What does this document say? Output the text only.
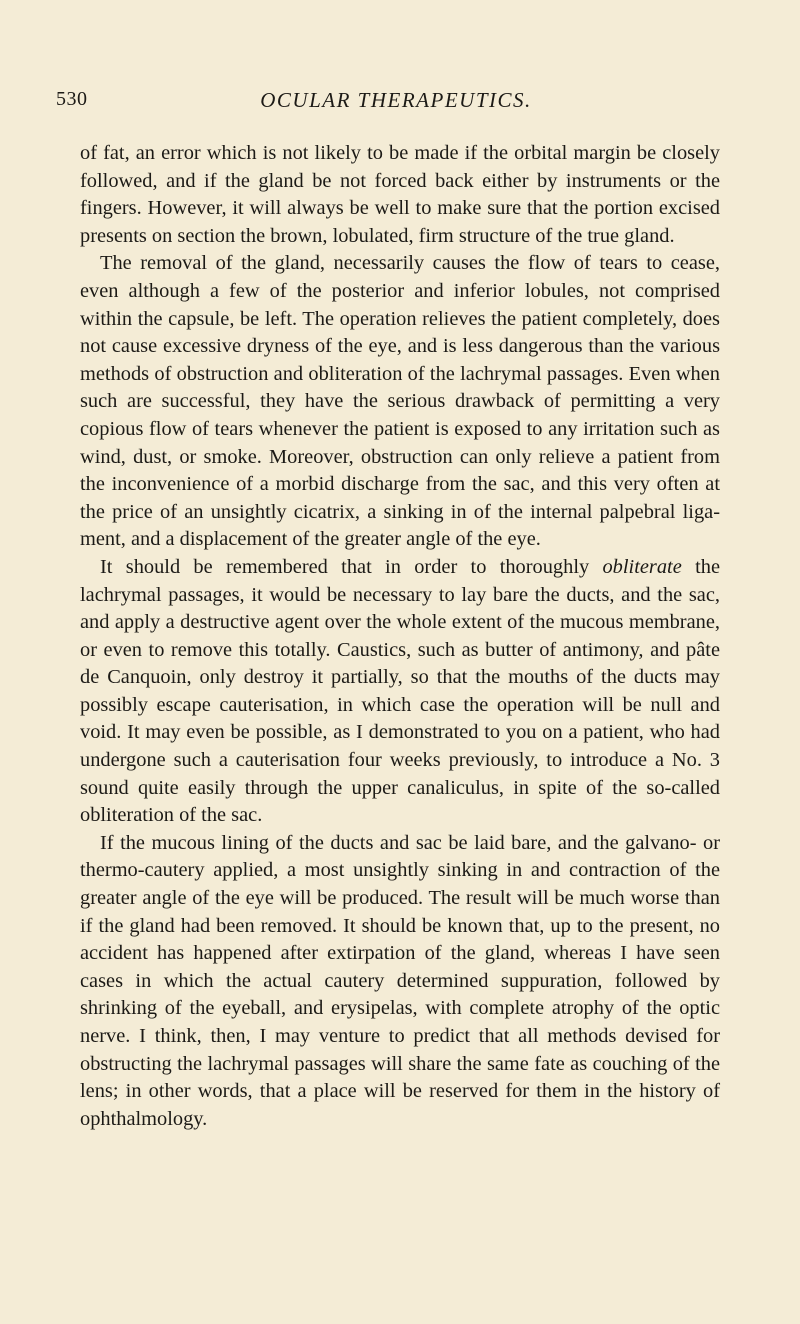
530	OCULAR THERAPEUTICS.

of fat, an error which is not likely to be made if the orbital margin be closely followed, and if the gland be not forced back either by instruments or the fingers. However, it will always be well to make sure that the portion excised presents on section the brown, lobulated, firm structure of the true gland.

The removal of the gland, necessarily causes the flow of tears to cease, even although a few of the posterior and inferior lobules, not comprised within the capsule, be left. The operation relieves the patient completely, does not cause excessive dryness of the eye, and is less dangerous than the various methods of obstruction and obliteration of the lachrymal passages. Even when such are successful, they have the serious drawback of permitting a very copious flow of tears whenever the patient is exposed to any irritation such as wind, dust, or smoke. Moreover, obstruction can only relieve a patient from the inconvenience of a morbid discharge from the sac, and this very often at the price of an unsightly cicatrix, a sinking in of the internal palpebral ligament, and a displacement of the greater angle of the eye.

It should be remembered that in order to thoroughly obliterate the lachrymal passages, it would be necessary to lay bare the ducts, and the sac, and apply a destructive agent over the whole extent of the mucous membrane, or even to remove this totally. Caustics, such as butter of antimony, and pâte de Canquoin, only destroy it partially, so that the mouths of the ducts may possibly escape cauterisation, in which case the operation will be null and void. It may even be possible, as I demonstrated to you on a patient, who had undergone such a cauterisation four weeks previously, to introduce a No. 3 sound quite easily through the upper canaliculus, in spite of the so-called obliteration of the sac.

If the mucous lining of the ducts and sac be laid bare, and the galvano- or thermo-cautery applied, a most unsightly sinking in and contraction of the greater angle of the eye will be produced. The result will be much worse than if the gland had been removed. It should be known that, up to the present, no accident has happened after extirpation of the gland, whereas I have seen cases in which the actual cautery determined suppuration, followed by shrinking of the eyeball, and erysipelas, with complete atrophy of the optic nerve. I think, then, I may venture to predict that all methods devised for obstructing the lachrymal passages will share the same fate as couching of the lens; in other words, that a place will be reserved for them in the history of ophthalmology.
